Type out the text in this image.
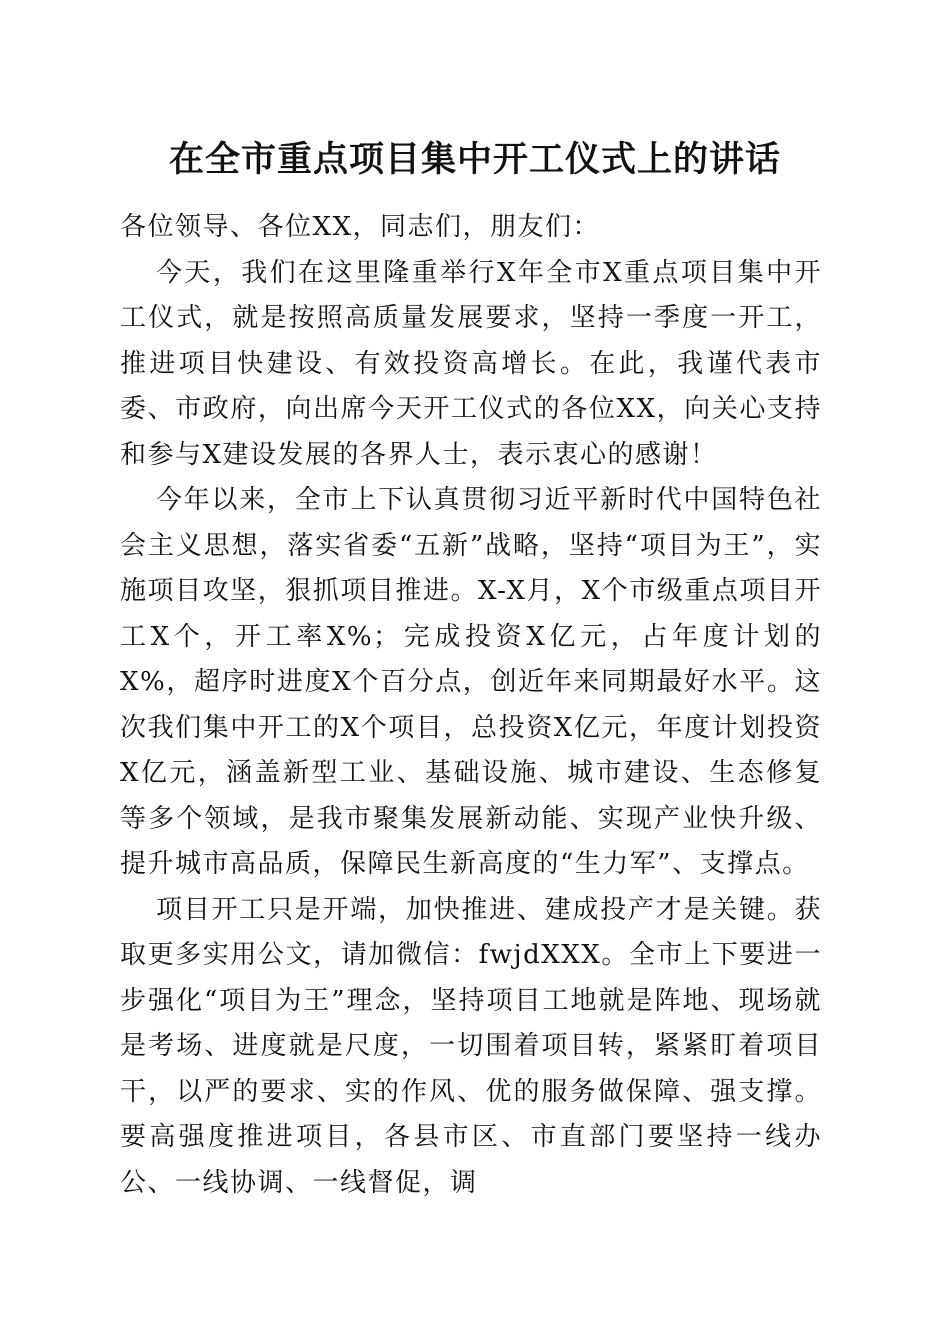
在全市重点项目集中开工仪式上的讲话

各位领导、各位XX，同志们，朋友们：

今天，我们在这里隆重举行X年全市X重点项目集中开工仪式，就是按照高质量发展要求，坚持一季度一开工，推进项目快建设、有效投资高增长。在此，我谨代表市委、市政府，向出席今天开工仪式的各位XX，向关心支持和参与X建设发展的各界人士，表示衷心的感谢！

今年以来，全市上下认真贯彻习近平新时代中国特色社会主义思想，落实省委“五新”战略，坚持“项目为王”，实施项目攻坚，狠抓项目推进。X-X月，X个市级重点项目开工X个，开工率X%；完成投资X亿元，占年度计划的X%，超序时进度X个百分点，创近年来同期最好水平。这次我们集中开工的X个项目，总投资X亿元，年度计划投资X亿元，涵盖新型工业、基础设施、城市建设、生态修复等多个领域，是我市聚集发展新动能、实现产业快升级、提升城市高品质，保障民生新高度的“生力军”、支撑点。

项目开工只是开端，加快推进、建成投产才是关键。获取更多实用公文，请加微信：fwjdXXX。全市上下要进一步强化“项目为王”理念，坚持项目工地就是阵地、现场就是考场、进度就是尺度，一切围着项目转，紧紧盯着项目干，以严的要求、实的作风、优的服务做保障、强支撑。要高强度推进项目，各县市区、市直部门要坚持一线办公、一线协调、一线督促，调
